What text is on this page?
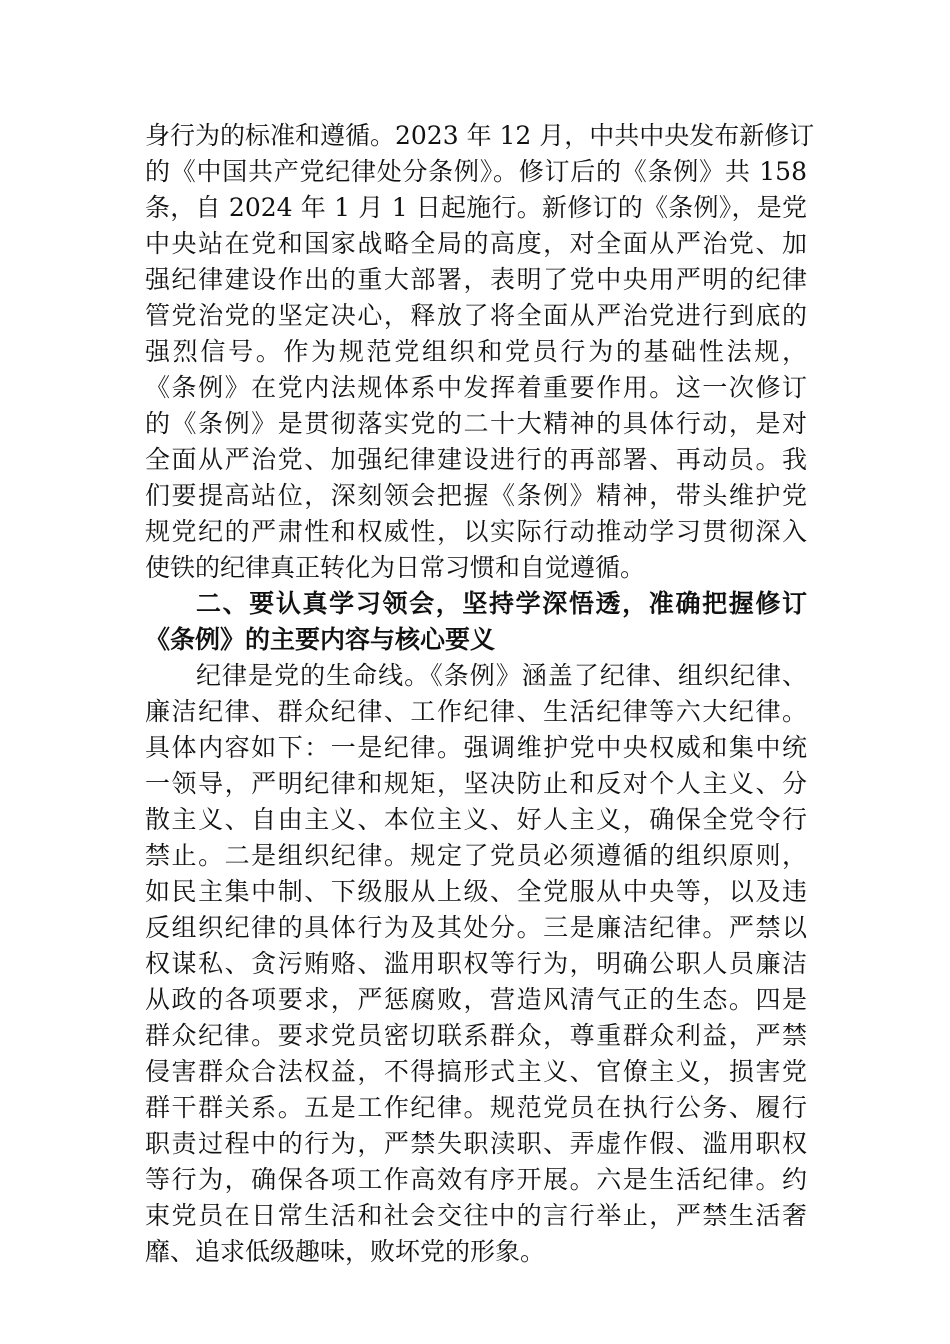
身行为的标准和遵循。2023 年 12 月，中共中央发布新修订
的《中国共产党纪律处分条例》。修订后的《条例》共 158
条，自 2024 年 1 月 1 日起施行。新修订的《条例》，是党
中央站在党和国家战略全局的高度，对全面从严治党、加
强纪律建设作出的重大部署，表明了党中央用严明的纪律
管党治党的坚定决心，释放了将全面从严治党进行到底的
强烈信号。作为规范党组织和党员行为的基础性法规，
《条例》在党内法规体系中发挥着重要作用。这一次修订
的《条例》是贯彻落实党的二十大精神的具体行动，是对
全面从严治党、加强纪律建设进行的再部署、再动员。我
们要提高站位，深刻领会把握《条例》精神，带头维护党
规党纪的严肃性和权威性，以实际行动推动学习贯彻深入
使铁的纪律真正转化为日常习惯和自觉遵循。
二、要认真学习领会，坚持学深悟透，准确把握修订
《条例》的主要内容与核心要义
纪律是党的生命线。《条例》涵盖了纪律、组织纪律、
廉洁纪律、群众纪律、工作纪律、生活纪律等六大纪律。
具体内容如下：一是纪律。强调维护党中央权威和集中统
一领导，严明纪律和规矩，坚决防止和反对个人主义、分
散主义、自由主义、本位主义、好人主义，确保全党令行
禁止。二是组织纪律。规定了党员必须遵循的组织原则，
如民主集中制、下级服从上级、全党服从中央等，以及违
反组织纪律的具体行为及其处分。三是廉洁纪律。严禁以
权谋私、贪污贿赂、滥用职权等行为，明确公职人员廉洁
从政的各项要求，严惩腐败，营造风清气正的生态。四是
群众纪律。要求党员密切联系群众，尊重群众利益，严禁
侵害群众合法权益，不得搞形式主义、官僚主义，损害党
群干群关系。五是工作纪律。规范党员在执行公务、履行
职责过程中的行为，严禁失职渎职、弄虚作假、滥用职权
等行为，确保各项工作高效有序开展。六是生活纪律。约
束党员在日常生活和社会交往中的言行举止，严禁生活奢
靡、追求低级趣味，败坏党的形象。
